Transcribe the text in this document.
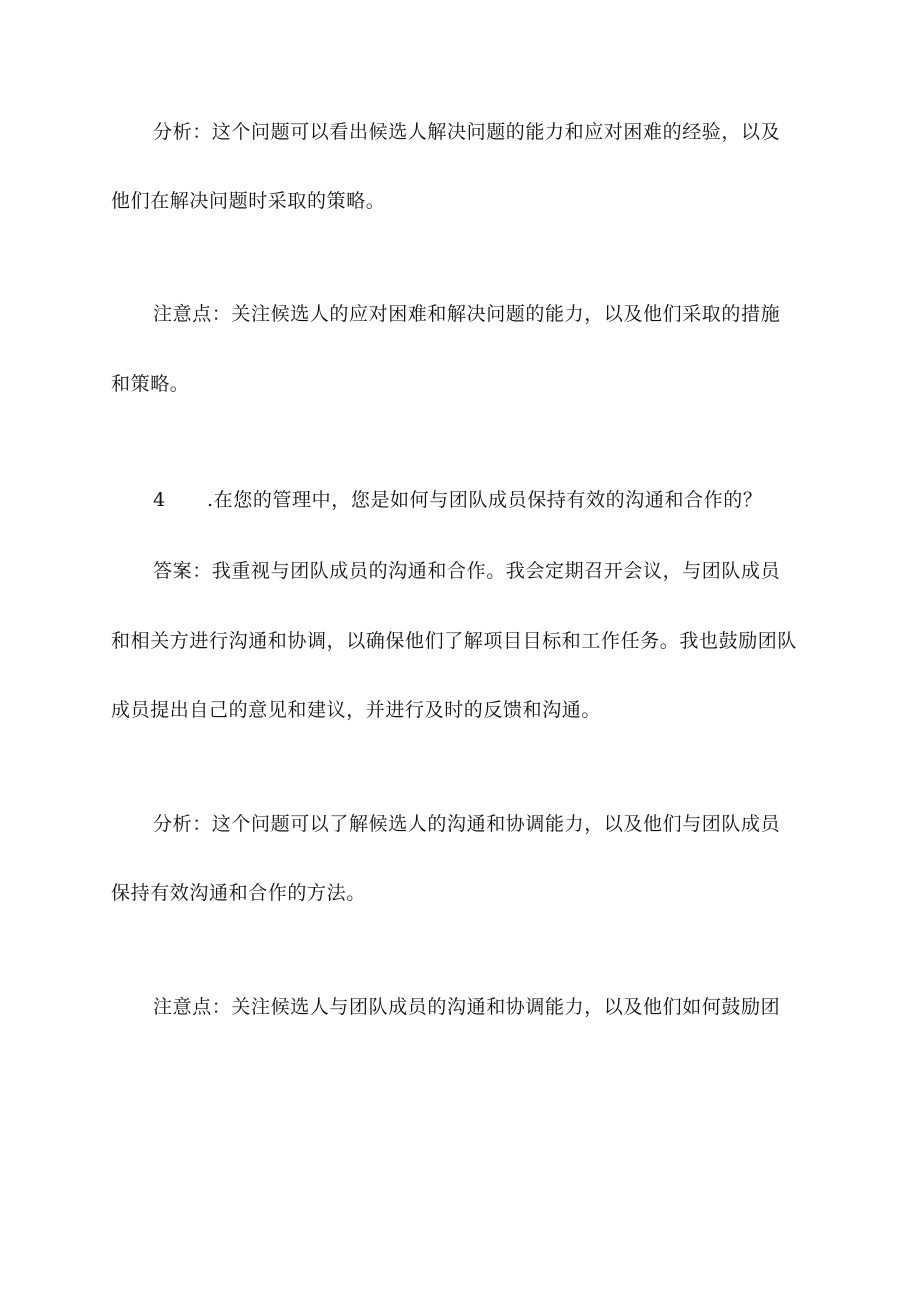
分析：这个问题可以看出候选人解决问题的能力和应对困难的经验，以及
他们在解决问题时采取的策略。
注意点：关注候选人的应对困难和解决问题的能力，以及他们采取的措施
和策略。
4 .在您的管理中，您是如何与团队成员保持有效的沟通和合作的？
答案：我重视与团队成员的沟通和合作。我会定期召开会议，与团队成员
和相关方进行沟通和协调，以确保他们了解项目目标和工作任务。我也鼓励团队
成员提出自己的意见和建议，并进行及时的反馈和沟通。
分析：这个问题可以了解候选人的沟通和协调能力，以及他们与团队成员
保持有效沟通和合作的方法。
注意点：关注候选人与团队成员的沟通和协调能力，以及他们如何鼓励团
